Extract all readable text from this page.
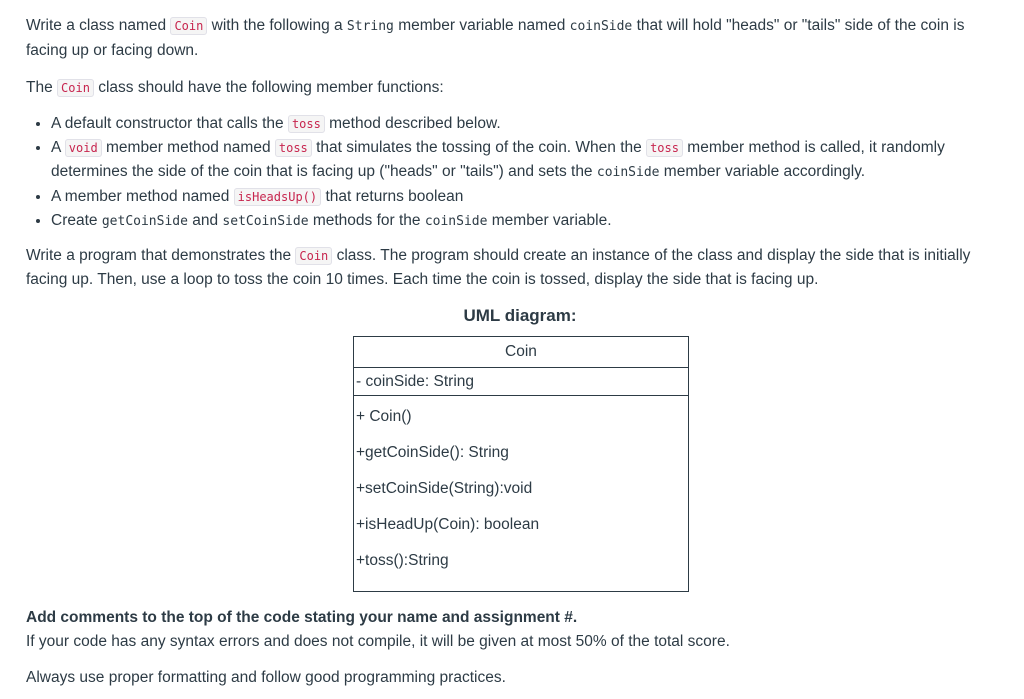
Write a class named Coin with the following a String member variable named coinSide that will hold "heads" or "tails" side of the coin is facing up or facing down.

The Coin class should have the following member functions:

• A default constructor that calls the toss method described below.
• A void member method named toss that simulates the tossing of the coin. When the toss member method is called, it randomly determines the side of the coin that is facing up ("heads" or "tails") and sets the coinSide member variable accordingly.
• A member method named isHeadsUp() that returns boolean
• Create getCoinSide and setCoinSide methods for the coinSide member variable.

Write a program that demonstrates the Coin class. The program should create an instance of the class and display the side that is initially facing up. Then, use a loop to toss the coin 10 times. Each time the coin is tossed, display the side that is facing up.

UML diagram:
Coin
- coinSide: String

+ Coin()
+getCoinSide(): String
+setCoinSide(String):void
+isHeadUp(Coin): boolean
+toss():String

Add comments to the top of the code stating your name and assignment #.

If your code has any syntax errors and does not compile, it will be given at most 50% of the total score.

Always use proper formatting and follow good programming practices.
